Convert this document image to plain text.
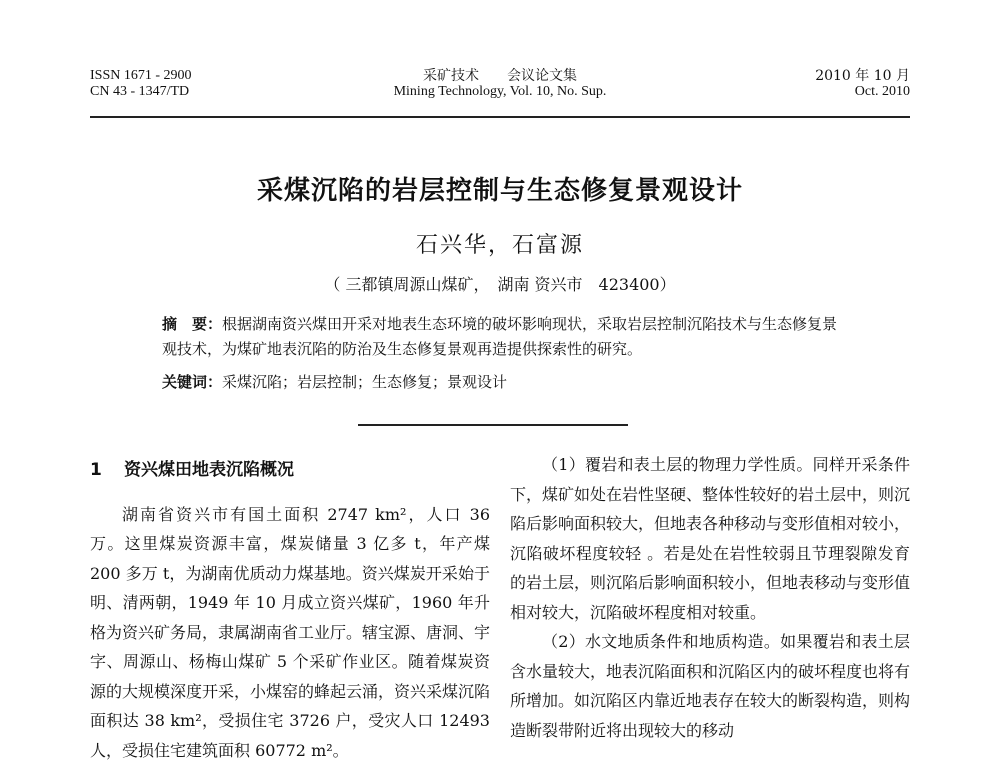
ISSN 1671 - 2900
CN 43 - 1347/TD
采矿技术　　会议论文集
Mining Technology, Vol. 10, No. Sup.
2010 年 10 月
Oct. 2010
采煤沉陷的岩层控制与生态修复景观设计
石兴华，石富源
（ 三都镇周源山煤矿，　湖南 资兴市　423400）
摘　要：根据湖南资兴煤田开采对地表生态环境的破坏影响现状，采取岩层控制沉陷技术与生态修复景观技术，为煤矿地表沉陷的防治及生态修复景观再造提供探索性的研究。
关键词：采煤沉陷；岩层控制；生态修复；景观设计
1 资兴煤田地表沉陷概况

湖南省资兴市有国土面积 2747 km²，人口 36 万。这里煤炭资源丰富，煤炭储量 3 亿多 t，年产煤 200 多万 t，为湖南优质动力煤基地。资兴煤炭开采始于明、清两朝，1949 年 10 月成立资兴煤矿，1960 年升格为资兴矿务局，隶属湖南省工业厅。辖宝源、唐洞、宇字、周源山、杨梅山煤矿 5 个采矿作业区。随着煤炭资源的大规模深度开采，小煤窑的蜂起云涌，资兴采煤沉陷面积达 38 km²，受损住宅 3726 户，受灾人口 12493 人，受损住宅建筑面积 60772 m²。

（1）覆岩和表土层的物理力学性质。同样开采条件下，煤矿如处在岩性坚硬、整体性较好的岩土层中，则沉陷后影响面积较大，但地表各种移动与变形值相对较小，沉陷破坏程度较轻 。若是处在岩性较弱且节理裂隙发育的岩土层，则沉陷后影响面积较小，但地表移动与变形值相对较大，沉陷破坏程度相对较重。

（2）水文地质条件和地质构造。如果覆岩和表土层含水量较大，地表沉陷面积和沉陷区内的破坏程度也将有所增加。如沉陷区内靠近地表存在较大的断裂构造，则构造断裂带附近将出现较大的移动
